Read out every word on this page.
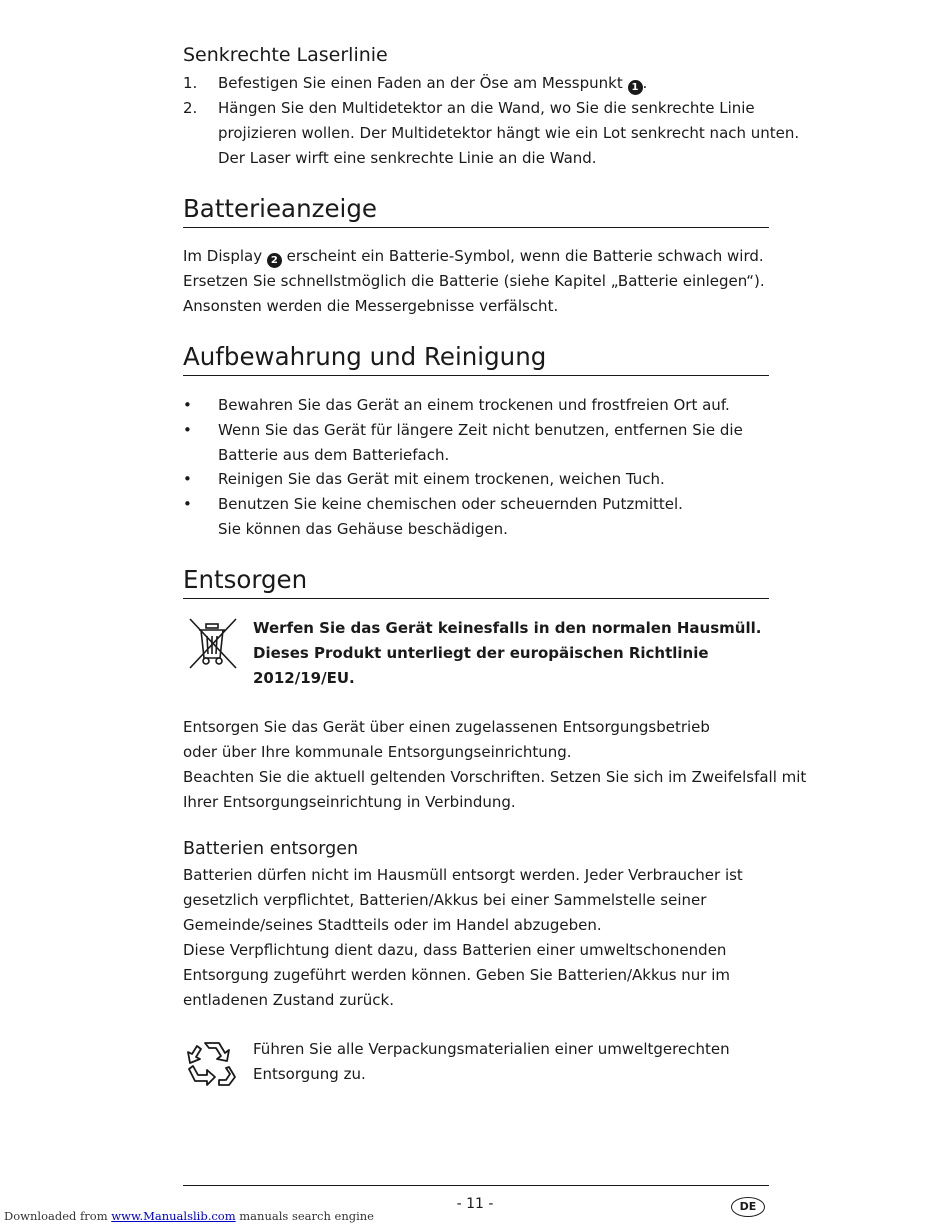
Senkrechte Laserlinie
1.	Befestigen Sie einen Faden an der Öse am Messpunkt 1 .
2.	Hängen Sie den Multidetektor an die Wand, wo Sie die senkrechte Linie
projizieren wollen. Der Multidetektor hängt wie ein Lot senkrecht nach unten.
Der Laser wirft eine senkrechte Linie an die Wand.
Batterieanzeige
Im Display 2 erscheint ein Batterie-Symbol, wenn die Batterie schwach wird.
Ersetzen Sie schnellstmöglich die Batterie (siehe Kapitel „Batterie einlegen“).
Ansonsten werden die Messergebnisse verfälscht.
Aufbewahrung und Reinigung
•	Bewahren Sie das Gerät an einem trockenen und frostfreien Ort auf.
•	Wenn Sie das Gerät für längere Zeit nicht benutzen, entfernen Sie die
Batterie aus dem Batteriefach.
•	Reinigen Sie das Gerät mit einem trockenen, weichen Tuch.
•	Benutzen Sie keine chemischen oder scheuernden Putzmittel.
Sie können das Gehäuse beschädigen.
Entsorgen
Werfen Sie das Gerät keinesfalls in den normalen Hausmüll.
Dieses Produkt unterliegt der europäischen Richtlinie
2012/19/EU.
Entsorgen Sie das Gerät über einen zugelassenen Entsorgungsbetrieb
oder über Ihre kommunale Entsorgungseinrichtung.
Beachten Sie die aktuell geltenden Vorschriften. Setzen Sie sich im Zweifelsfall mit
Ihrer Entsorgungseinrichtung in Verbindung.
Batterien entsorgen
Batterien dürfen nicht im Hausmüll entsorgt werden. Jeder Verbraucher ist
gesetzlich verpflichtet, Batterien/Akkus bei einer Sammelstelle seiner
Gemeinde/seines Stadtteils oder im Handel abzugeben.
Diese Verpflichtung dient dazu, dass Batterien einer umweltschonenden
Entsorgung zugeführt werden können. Geben Sie Batterien/Akkus nur im
entladenen Zustand zurück.
Führen Sie alle Verpackungsmaterialien einer umweltgerechten
Entsorgung zu.
- 11 -	DE
Downloaded from www.Manualslib.com manuals search engine
